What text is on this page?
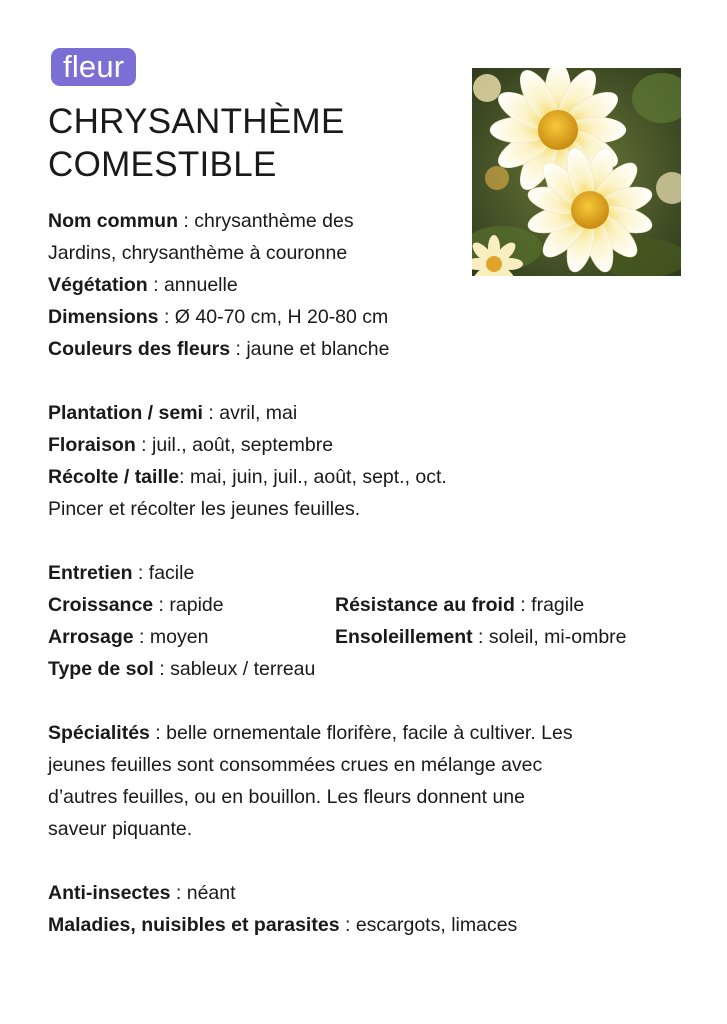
fleur
CHRYSANTHÈME
COMESTIBLE
Nom commun : chrysanthème des
Jardins, chrysanthème à couronne
Végétation : annuelle
Dimensions : Ø 40-70 cm, H 20-80 cm
Couleurs des fleurs : jaune et blanche
Plantation / semi : avril, mai
Floraison : juil., août, septembre
Récolte / taille: mai, juin, juil., août, sept., oct.
Pincer et récolter les jeunes feuilles.
Entretien : facile
Croissance : rapide	Résistance au froid : fragile
Arrosage : moyen	Ensoleillement : soleil, mi-ombre
Type de sol : sableux / terreau
Spécialités : belle ornementale florifère, facile à cultiver. Les
jeunes feuilles sont consommées crues en mélange avec
d’autres feuilles, ou en bouillon. Les fleurs donnent une
saveur piquante.
Anti-insectes : néant
Maladies, nuisibles et parasites : escargots, limaces
